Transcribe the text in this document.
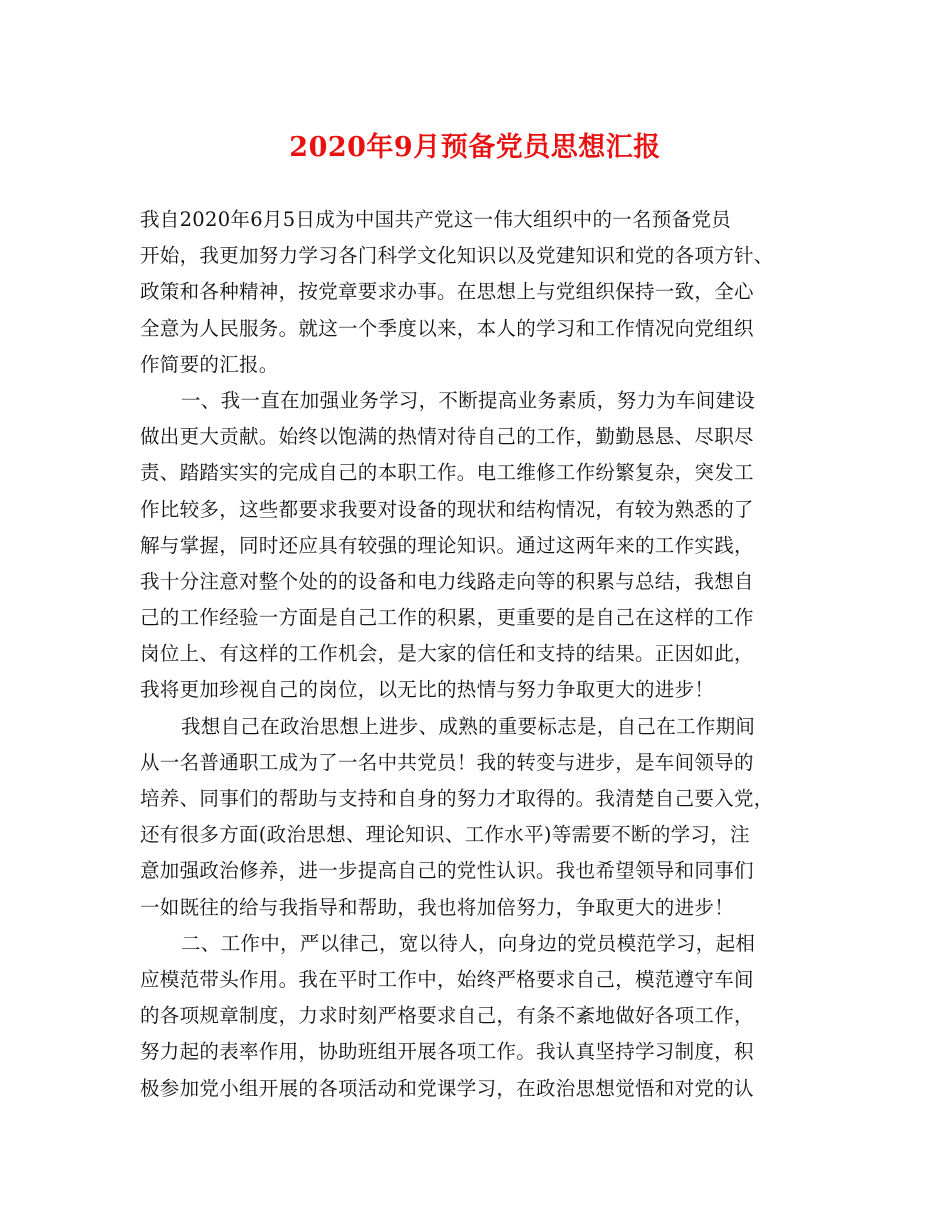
2020年9月预备党员思想汇报
我自2020年6月5日成为中国共产党这一伟大组织中的一名预备党员
开始，我更加努力学习各门科学文化知识以及党建知识和党的各项方针、
政策和各种精神，按党章要求办事。在思想上与党组织保持一致，全心
全意为人民服务。就这一个季度以来，本人的学习和工作情况向党组织
作简要的汇报。
一、我一直在加强业务学习，不断提高业务素质，努力为车间建设
做出更大贡献。始终以饱满的热情对待自己的工作，勤勤恳恳、尽职尽
责、踏踏实实的完成自己的本职工作。电工维修工作纷繁复杂，突发工
作比较多，这些都要求我要对设备的现状和结构情况，有较为熟悉的了
解与掌握，同时还应具有较强的理论知识。通过这两年来的工作实践，
我十分注意对整个处的的设备和电力线路走向等的积累与总结，我想自
己的工作经验一方面是自己工作的积累，更重要的是自己在这样的工作
岗位上、有这样的工作机会，是大家的信任和支持的结果。正因如此，
我将更加珍视自己的岗位，以无比的热情与努力争取更大的进步！
我想自己在政治思想上进步、成熟的重要标志是，自己在工作期间
从一名普通职工成为了一名中共党员！我的转变与进步，是车间领导的
培养、同事们的帮助与支持和自身的努力才取得的。我清楚自己要入党，
还有很多方面(政治思想、理论知识、工作水平)等需要不断的学习，注
意加强政治修养，进一步提高自己的党性认识。我也希望领导和同事们
一如既往的给与我指导和帮助，我也将加倍努力，争取更大的进步！
二、工作中，严以律己，宽以待人，向身边的党员模范学习，起相
应模范带头作用。我在平时工作中，始终严格要求自己，模范遵守车间
的各项规章制度，力求时刻严格要求自己，有条不紊地做好各项工作，
努力起的表率作用，协助班组开展各项工作。我认真坚持学习制度，积
极参加党小组开展的各项活动和党课学习，在政治思想觉悟和对党的认
